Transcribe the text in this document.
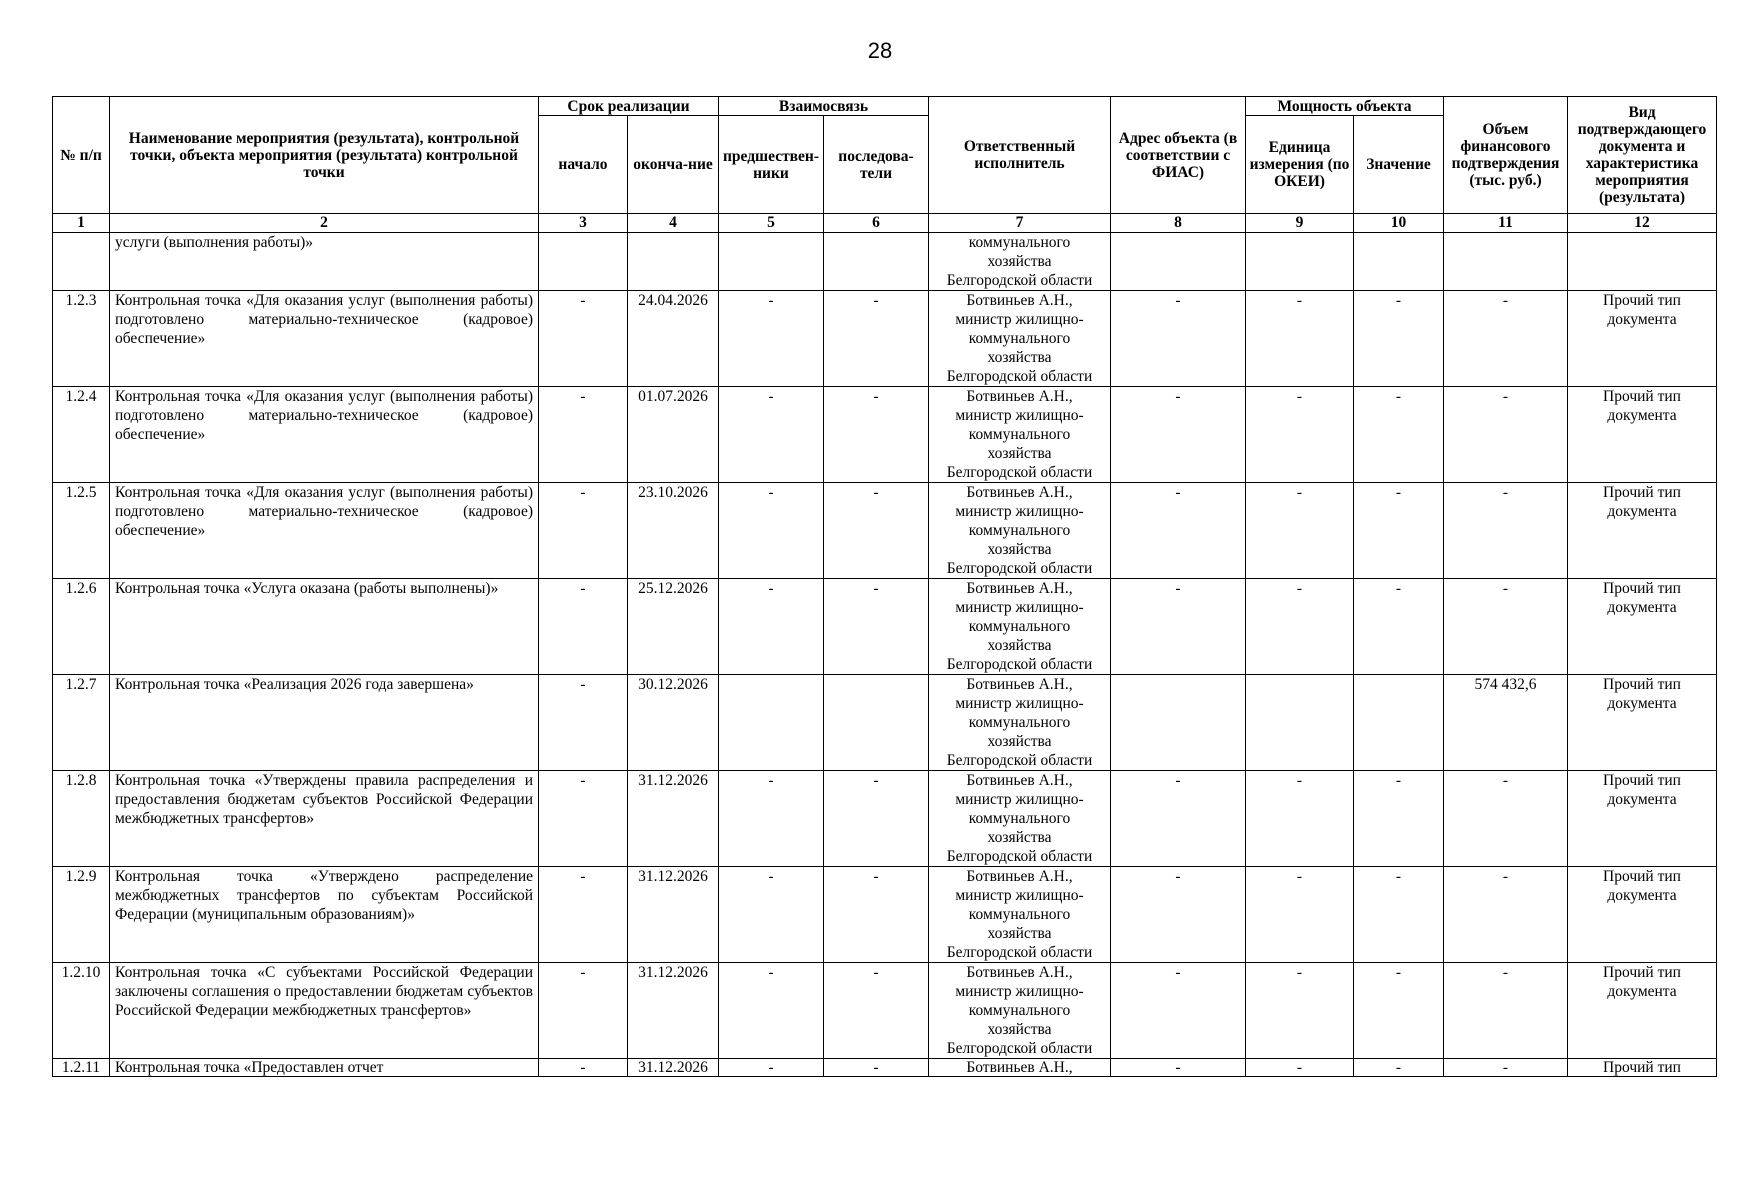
28
№ п/п	Наименование мероприятия (результата), контрольной точки, объекта мероприятия (результата) контрольной точки	Срок реализации		Взаимосвязь		Ответственный исполнитель	Адрес объекта (в соответствии с ФИАС)	Мощность объекта		Объем финансового подтверждения (тыс. руб.)	Вид подтверждающего документа и характеристика мероприятия (результата)
		начало	оконча-ние	предшествен-ники	последова-тели			Единица измерения (по ОКЕИ)	Значение		
1	2	3	4	5	6	7	8	9	10	11	12
	услуги (выполнения работы)»					коммунального
хозяйства
Белгородской области					

1.2.3	Контрольная точка «Для оказания услуг (выполнения работы) подготовлено материально-техническое (кадровое) обеспечение»	-	24.04.2026	-	-	Ботвиньев А.Н.,
министр жилищно-
коммунального
хозяйства
Белгородской области	-	-	-	-	Прочий тип документа
1.2.4	Контрольная точка «Для оказания услуг (выполнения работы) подготовлено материально-техническое (кадровое) обеспечение»	-	01.07.2026	-	-	Ботвиньев А.Н.,
министр жилищно-
коммунального
хозяйства
Белгородской области	-	-	-	-	Прочий тип документа
1.2.5	Контрольная точка «Для оказания услуг (выполнения работы) подготовлено материально-техническое (кадровое) обеспечение»	-	23.10.2026	-	-	Ботвиньев А.Н.,
министр жилищно-
коммунального
хозяйства
Белгородской области	-	-	-	-	Прочий тип документа
1.2.6	Контрольная точка «Услуга оказана (работы выполнены)»	-	25.12.2026	-	-	Ботвиньев А.Н.,
министр жилищно-
коммунального
хозяйства
Белгородской области	-	-	-	-	Прочий тип документа
1.2.7	Контрольная точка «Реализация 2026 года завершена»	-	30.12.2026			Ботвиньев А.Н.,
министр жилищно-
коммунального
хозяйства
Белгородской области				574 432,6	Прочий тип документа
1.2.8	Контрольная точка «Утверждены правила распределения и предоставления бюджетам субъектов Российской Федерации межбюджетных трансфертов»	-	31.12.2026	-	-	Ботвиньев А.Н.,
министр жилищно-
коммунального
хозяйства
Белгородской области	-	-	-	-	Прочий тип документа
1.2.9	Контрольная точка «Утверждено распределение межбюджетных трансфертов по субъектам Российской Федерации (муниципальным образованиям)»	-	31.12.2026	-	-	Ботвиньев А.Н.,
министр жилищно-
коммунального
хозяйства
Белгородской области	-	-	-	-	Прочий тип документа
1.2.10	Контрольная точка «С субъектами Российской Федерации заключены соглашения о предоставлении бюджетам субъектов Российской Федерации межбюджетных трансфертов»	-	31.12.2026	-	-	Ботвиньев А.Н.,
министр жилищно-
коммунального
хозяйства
Белгородской области	-	-	-	-	Прочий тип документа
1.2.11	Контрольная точка «Предоставлен отчет	-	31.12.2026	-	-	Ботвиньев А.Н.,	-	-	-	-	Прочий тип
